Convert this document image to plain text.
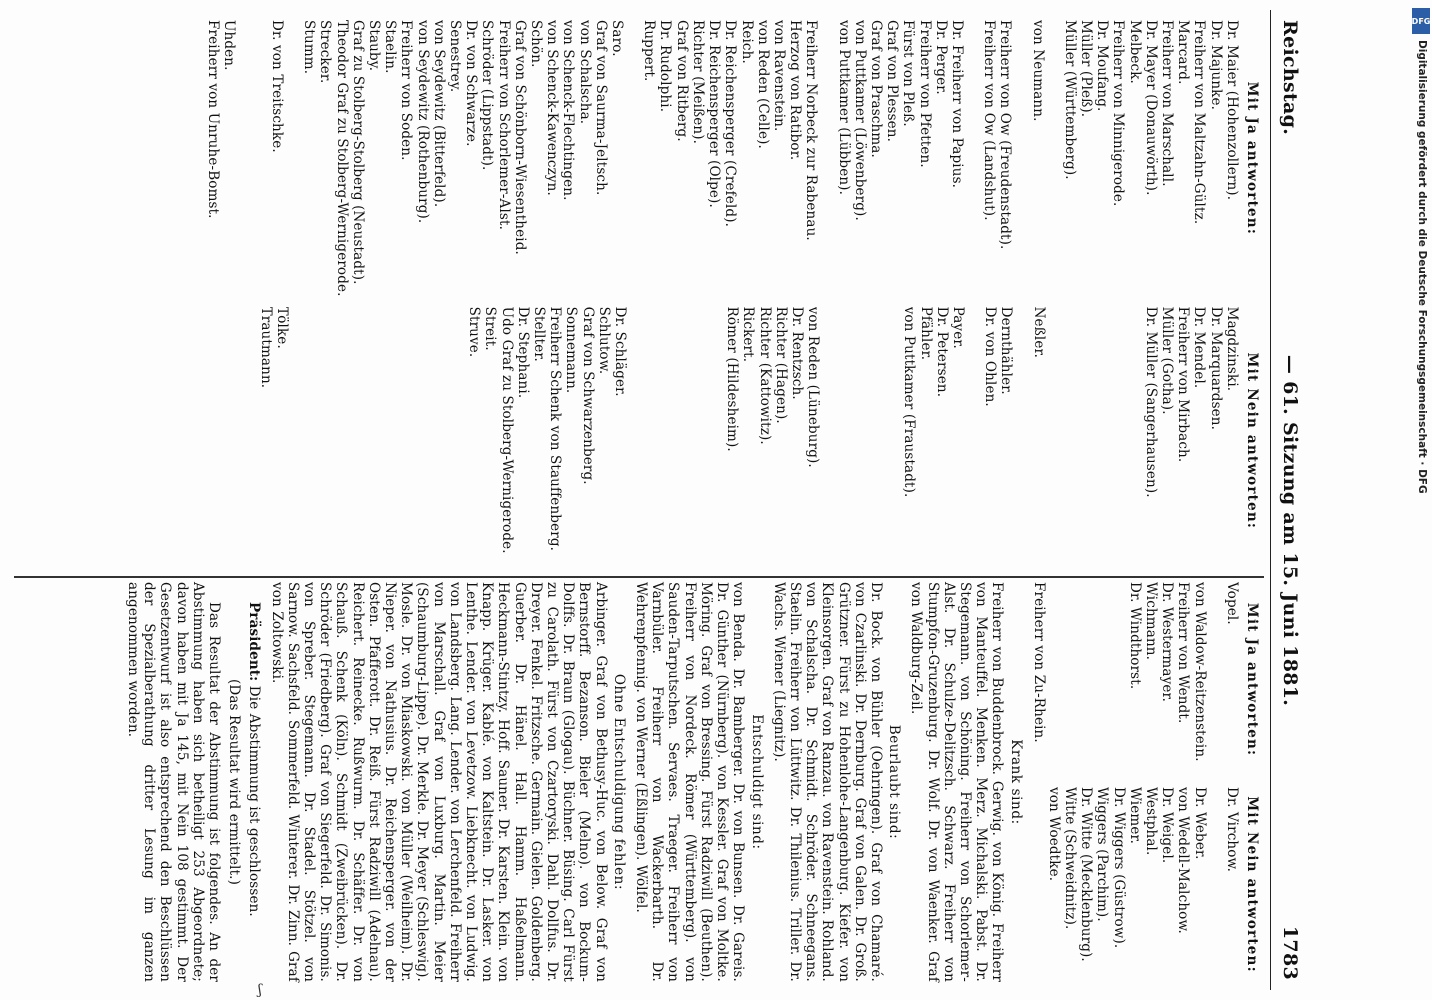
Reichstag.
— 61. Sitzung am 15. Juni 1881.
1783
Mit Ja antworten:
Dr. Maier (Hohenzollern).
Dr. Majunke.
Freiherr von Maltzahn-Gültz.
Marcard.
Freiherr von Marschall.
Dr. Mayer (Donauwörth).
Melbeck.
Freiherr von Minnigerode.
Dr. Moufang.
Müller (Pleß).
Müller (Württemberg).
von Neumann.
Freiherr von Ow (Freudenstadt).
Freiherr von Ow (Landshut).
Dr. Freiherr von Papius.
Dr. Perger.
Freiherr von Pfetten.
Fürst von Pleß.
Graf von Plessen.
Graf von Praschma.
von Puttkamer (Löwenberg).
von Puttkamer (Lübben).
Freiherr Norbeck zur Rabenau.
Herzog von Ratibor.
von Ravenstein.
von Reden (Celle).
Reich.
Dr. Reichensperger (Crefeld).
Dr. Reichensperger (Olpe).
Richter (Meißen).
Graf von Ritberg.
Dr. Rudolphi.
Ruppert.
Saro.
Graf von Saurma-Jeltsch.
von Schalscha.
von Schenck-Flechtingen.
von Schenck-Kawenczyn.
Schön.
Graf von Schönborn-Wiesentheid.
Freiherr von Schorlemer-Alst.
Schröder (Lippstadt).
Dr. von Schwarze.
Senestrey.
von Seydewitz (Bitterfeld).
von Seydewitz (Rothenburg).
Freiherr von Soden.
Staelin.
Stauby.
Graf zu Stolberg-Stolberg (Neustadt).
Theodor Graf zu Stolberg-Wernigerode.
Strecker.
Stumm.
Dr. von Treitschke.
Uhden.
Freiherr von Unruhe-Bomst.
Mit Nein antworten:
Magdzinski.
Dr. Marquardsen.
Dr. Mendel.
Freiherr von Mirbach.
Müller (Gotha).
Dr. Müller (Sangerhausen).
Neßler.
Dernthähler.
Dr. von Ohlen.
Payer.
Dr. Petersen.
Pfähler.
von Puttkamer (Fraustadt).
von Reden (Lüneburg).
Dr. Rentzsch.
Richter (Hagen).
Richter (Kattowitz).
Rickert.
Römer (Hildesheim).
Dr. Schläger.
Schlutow.
Graf von Schwarzenberg.
Sonnemann.
Freiherr Schenk von Stauffenberg.
Stellter.
Dr. Stephani.
Udo Graf zu Stolberg-Wernigerode.
Streit.
Struve.
Tölke.
Trautmann.
Mit Ja antworten:
Vopel.
von Waldow-Reitzenstein.
Freiherr von Wendt.
Dr. Westermayer.
Wichmann.
Dr. Windthorst.
Freiherr von Zu-Rhein.
Mit Nein antworten:
Dr. Virchow.
Dr. Weber.
von Wedell-Malchow.
Dr. Weigel.
Westphal.
Wiemer.
Dr. Wiggers (Güstrow).
Wiggers (Parchim).
Dr. Witte (Mecklenburg).
Witte (Schweidnitz).
von Woedtke.
Krank sind:

Freiherr von Buddenbrock. Gerwig. von König. Freiherr von Manteuffel. Menken. Merz. Michalski. Pabst. Dr. Stegemann. von Schöning. Freiherr von Schorlemer-Alst. Dr. Schulze-Delitzsch. Schwarz. Freiherr von Stumpfon-Gruzenburg. Dr. Wolf. Dr. von Waenker. Graf von Waldburg-Zeil.

Beurlaubt sind:

Dr. Bock. von Bühler (Oehringen). Graf von Chamaré. von Czarlinski. Dr. Dernburg. Graf von Galen. Dr. Groß. Grützner. Fürst zu Hohenlohe-Langenburg. Kiefer. von Kleinsorgen. Graf von Ranzau. von Ravenstein. Rohland. von Schalscha. Dr. Schmidt. Schröder. Schneegans. Staelin. Freiherr von Lüttwitz. Dr. Thilenius. Triller. Dr. Wachs. Wiener (Liegnitz).

Entschuldigt sind:

von Benda. Dr. Bamberger. Dr. von Bunsen. Dr. Gareis. Dr. Günther (Nürnberg). von Kessler. Graf von Moltke. Möring. Graf von Bressing. Fürst Radziwill (Beuthen). Freiherr von Nordeck. Römer (Württemberg). von Sauden-Tarputschen. Servaes. Traeger. Freiherr von Varnbüler. Freiherr von Wackerbarth. Dr. Wehrenpfennig. von Werner (Eßlingen). Wölfel.

Ohne Entschuldigung fehlen:

Arbinger. Graf von Bethusy-Huc. von Below. Graf von Bernstorff. Bezanson. Bieler (Melno). von Bockum-Dolffs. Dr. Braun (Glogau). Büchner. Büsing. Carl Fürst zu Carolath. Fürst von Czartoryski. Dahl. Dollfus. Dr. Dreyer. Fenkel. Fritzsche. Germain. Gielen. Goldenberg. Guerber. Dr. Hänel. Hall. Hamm. Haßelmann. Heckmann-Stintzy. Hoff. Sauner. Dr. Karsten. Klein. von Knapp. Krüger. Kablé. von Kaltstein. Dr. Lasker. von Lenthe. Lender. von Levetzow. Liebknecht. von Ludwig. von Landsberg. Lang. Lender. von Lerchenfeld. Freiherr von Marschall. Graf von Luxburg. Martin. Meier (Schaumburg-Lippe). Dr. Merkle. Dr. Meyer (Schleswig). Mosle. Dr. von Miaskowski. von Müller (Weilheim). Dr. Nieper. von Nathusius. Dr. Reichensperger. von der Osten. Pfafferott. Dr. Reiß. Fürst Radziwill (Adelnau). Reichert. Reinecke. Rußwurm. Dr. Schäffer. Dr. von Schauß. Schenk (Köln). Schmidt (Zweibrücken). Dr. Schröder (Friedberg). Graf von Siegerfeld. Dr. Simonis. von Spreber. Stegemann. Dr. Stadel. Stötzel. von Sarnow. Sachsfeld. Sommerfeld. Winterer. Dr. Zinn. Graf von Zoltowski.

Präsident: Die Abstimmung ist geschlossen.

(Das Resultat wird ermittelt.)

Das Resultat der Abstimmung ist folgendes. An der Abstimmung haben sich betheiligt 253 Abgeordnete; davon haben mit Ja 145, mit Nein 108 gestimmt. Der Gesetzentwurf ist also entsprechend den Beschlüssen der Spezialberathung dritter Lesung im ganzen angenommen worden.

DFG
Digitalisierung gefördert durch die Deutsche Forschungsgemeinschaft · DFG
ʃ
